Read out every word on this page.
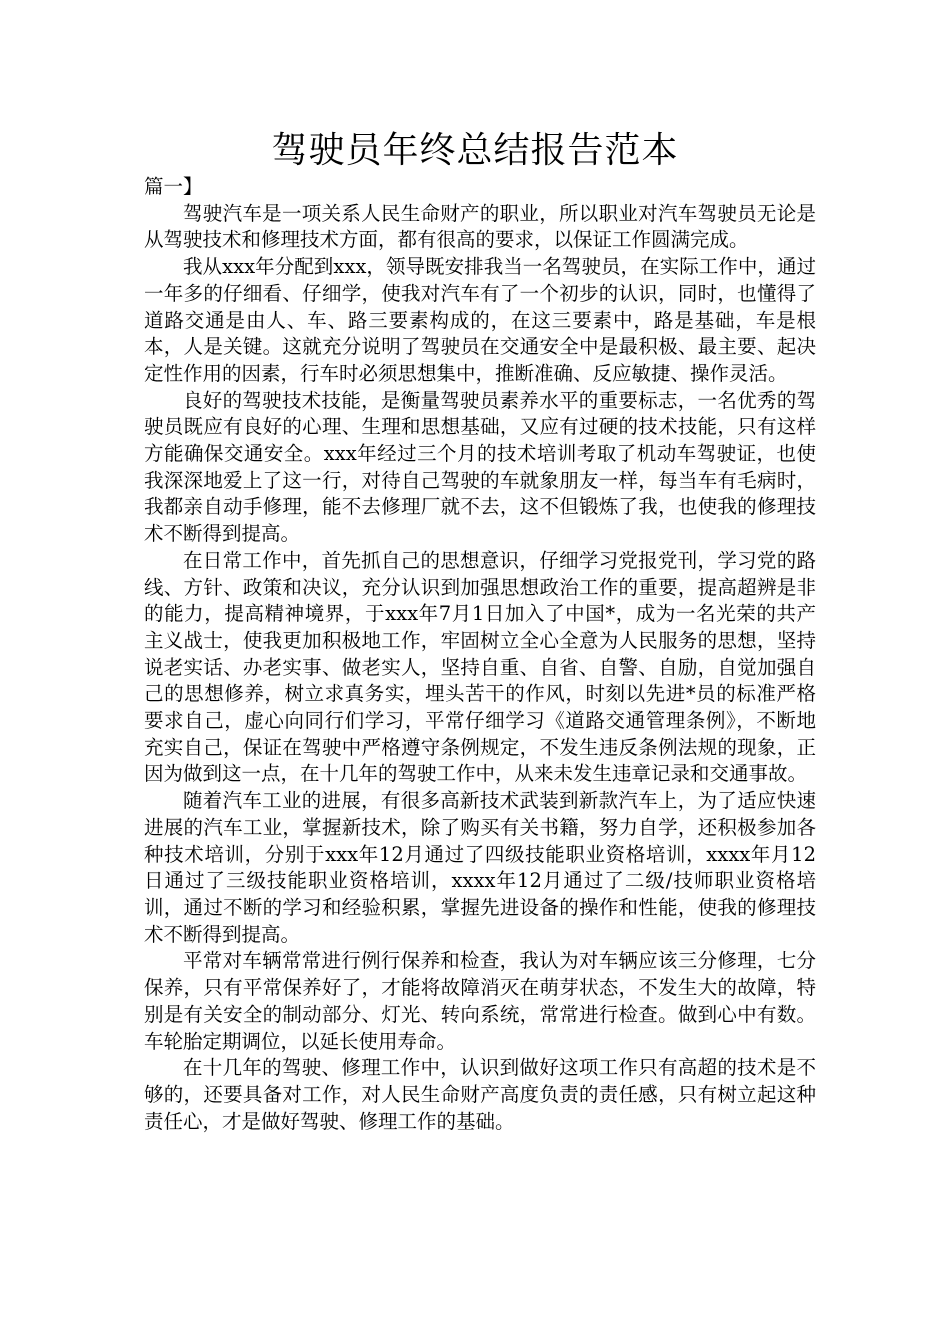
驾驶员年终总结报告范本

篇一】

驾驶汽车是一项关系人民生命财产的职业，所以职业对汽车驾驶员无论是从驾驶技术和修理技术方面，都有很高的要求，以保证工作圆满完成。

我从xxx年分配到xxx，领导既安排我当一名驾驶员，在实际工作中，通过一年多的仔细看、仔细学，使我对汽车有了一个初步的认识，同时，也懂得了道路交通是由人、车、路三要素构成的，在这三要素中，路是基础，车是根本，人是关键。这就充分说明了驾驶员在交通安全中是最积极、最主要、起决定性作用的因素，行车时必须思想集中，推断准确、反应敏捷、操作灵活。

良好的驾驶技术技能，是衡量驾驶员素养水平的重要标志，一名优秀的驾驶员既应有良好的心理、生理和思想基础，又应有过硬的技术技能，只有这样方能确保交通安全。xxx年经过三个月的技术培训考取了机动车驾驶证，也使我深深地爱上了这一行，对待自己驾驶的车就象朋友一样，每当车有毛病时，我都亲自动手修理，能不去修理厂就不去，这不但锻炼了我，也使我的修理技术不断得到提高。

在日常工作中，首先抓自己的思想意识，仔细学习党报党刊，学习党的路线、方针、政策和决议，充分认识到加强思想政治工作的重要，提高超辨是非的能力，提高精神境界，于xxx年7月1日加入了中国*，成为一名光荣的共产主义战士，使我更加积极地工作，牢固树立全心全意为人民服务的思想，坚持说老实话、办老实事、做老实人，坚持自重、自省、自警、自励，自觉加强自己的思想修养，树立求真务实，埋头苦干的作风，时刻以先进*员的标准严格要求自己，虚心向同行们学习，平常仔细学习《道路交通管理条例》，不断地充实自己，保证在驾驶中严格遵守条例规定，不发生违反条例法规的现象，正因为做到这一点，在十几年的驾驶工作中，从来未发生违章记录和交通事故。

随着汽车工业的进展，有很多高新技术武装到新款汽车上，为了适应快速进展的汽车工业，掌握新技术，除了购买有关书籍，努力自学，还积极参加各种技术培训，分别于xxx年12月通过了四级技能职业资格培训，xxxx年月12日通过了三级技能职业资格培训，xxxx年12月通过了二级/技师职业资格培训，通过不断的学习和经验积累，掌握先进设备的操作和性能，使我的修理技术不断得到提高。

平常对车辆常常进行例行保养和检查，我认为对车辆应该三分修理，七分保养，只有平常保养好了，才能将故障消灭在萌芽状态，不发生大的故障，特别是有关安全的制动部分、灯光、转向系统，常常进行检查。做到心中有数。车轮胎定期调位，以延长使用寿命。

在十几年的驾驶、修理工作中，认识到做好这项工作只有高超的技术是不够的，还要具备对工作，对人民生命财产高度负责的责任感，只有树立起这种责任心，才是做好驾驶、修理工作的基础。
